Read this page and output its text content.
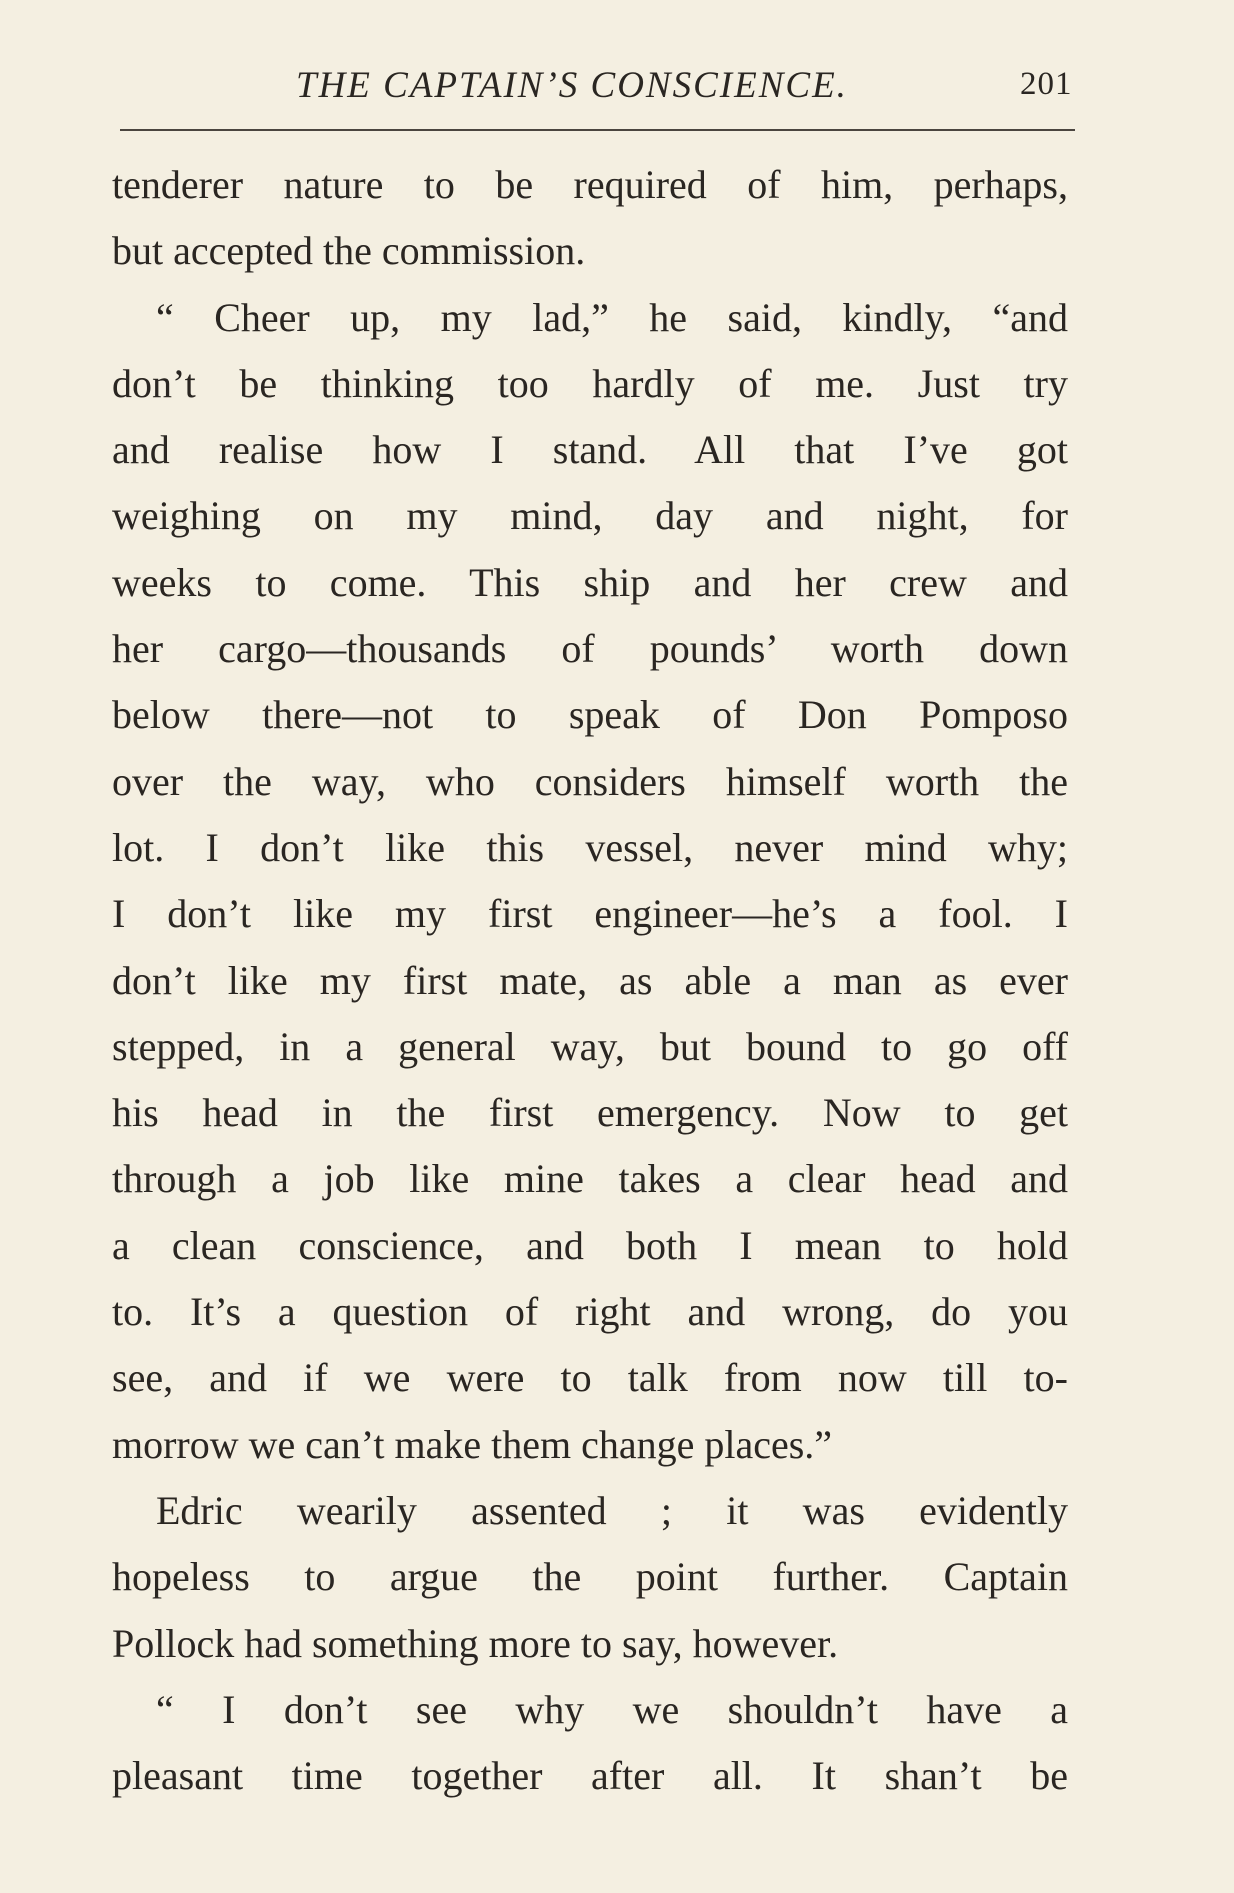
THE CAPTAIN’S CONSCIENCE.	201
tenderer nature to be required of him, perhaps,
but accepted the commission.
“ Cheer up, my lad,” he said, kindly, “and
don’t be thinking too hardly of me. Just try
and realise how I stand. All that I’ve got
weighing on my mind, day and night, for
weeks to come. This ship and her crew and
her cargo—thousands of pounds’ worth down
below there—not to speak of Don Pomposo
over the way, who considers himself worth the
lot. I don’t like this vessel, never mind why;
I don’t like my first engineer—he’s a fool. I
don’t like my first mate, as able a man as ever
stepped, in a general way, but bound to go off
his head in the first emergency. Now to get
through a job like mine takes a clear head and
a clean conscience, and both I mean to hold
to. It’s a question of right and wrong, do you
see, and if we were to talk from now till to-
morrow we can’t make them change places.”
Edric wearily assented ; it was evidently
hopeless to argue the point further. Captain
Pollock had something more to say, however.
“ I don’t see why we shouldn’t have a
pleasant time together after all. It shan’t be
